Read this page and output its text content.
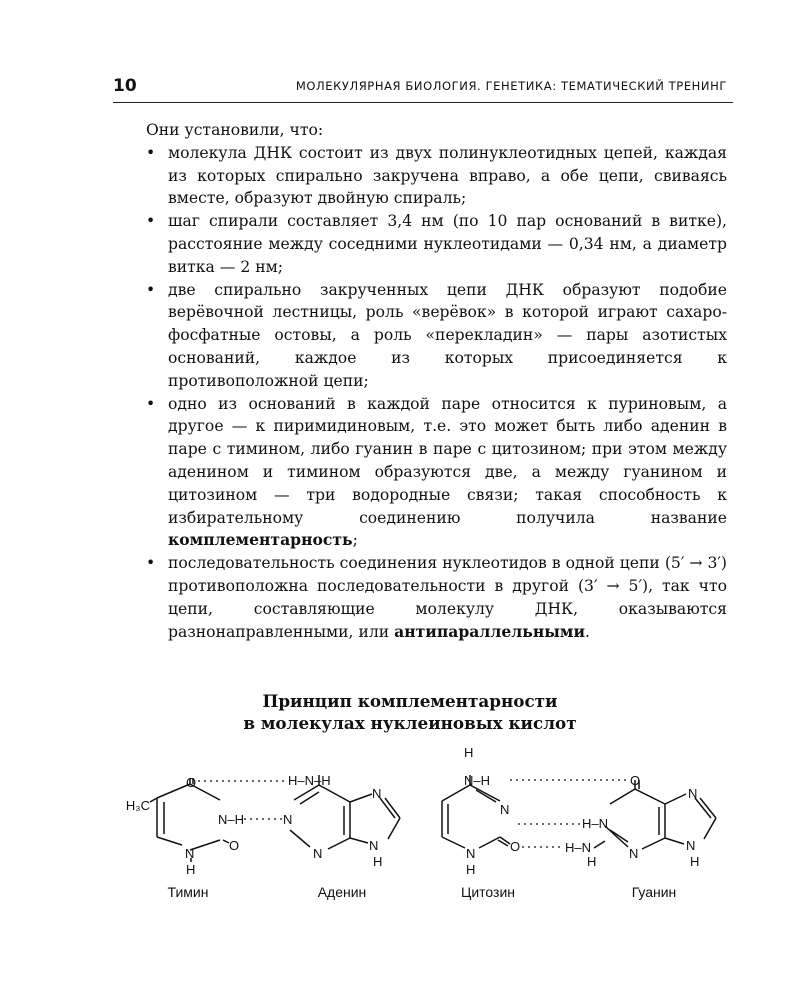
10	МОЛЕКУЛЯРНАЯ БИОЛОГИЯ. ГЕНЕТИКА: ТЕМАТИЧЕСКИЙ ТРЕНИНГ

Они установили, что:

• молекула ДНК состоит из двух полинуклеотидных цепей, каждая из которых спирально закручена вправо, а обе цепи, свиваясь вместе, образуют двойную спираль;
• шаг спирали составляет 3,4 нм (по 10 пар оснований в витке), расстояние между соседними нуклеотидами — 0,34 нм, а диаметр витка — 2 нм;
• две спирально закрученных цепи ДНК образуют подобие верёвочной лестницы, роль «верёвок» в которой играют сахаро-фосфатные остовы, а роль «перекладин» — пары азотистых оснований, каждое из которых присоединяется к противоположной цепи;
• одно из оснований в каждой паре относится к пуриновым, а другое — к пиримидиновым, т.е. это может быть либо аденин в паре с тимином, либо гуанин в паре с цитозином; при этом между аденином и тимином образуются две, а между гуанином и цитозином — три водородные связи; такая способность к избирательному соединению получила название комплементарность;
• последовательность соединения нуклеотидов в одной цепи (5′ → 3′) противоположна последовательности в другой (3′ → 5′), так что цепи, составляющие молекулу ДНК, оказываются разнонаправленными, или антипараллельными.
Принцип комплементарности
в молекулах нуклеиновых кислот
H₃C
O
N–H
O
N
H
H–N–H
N
N
N
N
H
H
N–H
N
O
N
H
O
H–N
H–N
H
N
N
N
H
Тимин	Аденин	Цитозин	Гуанин
